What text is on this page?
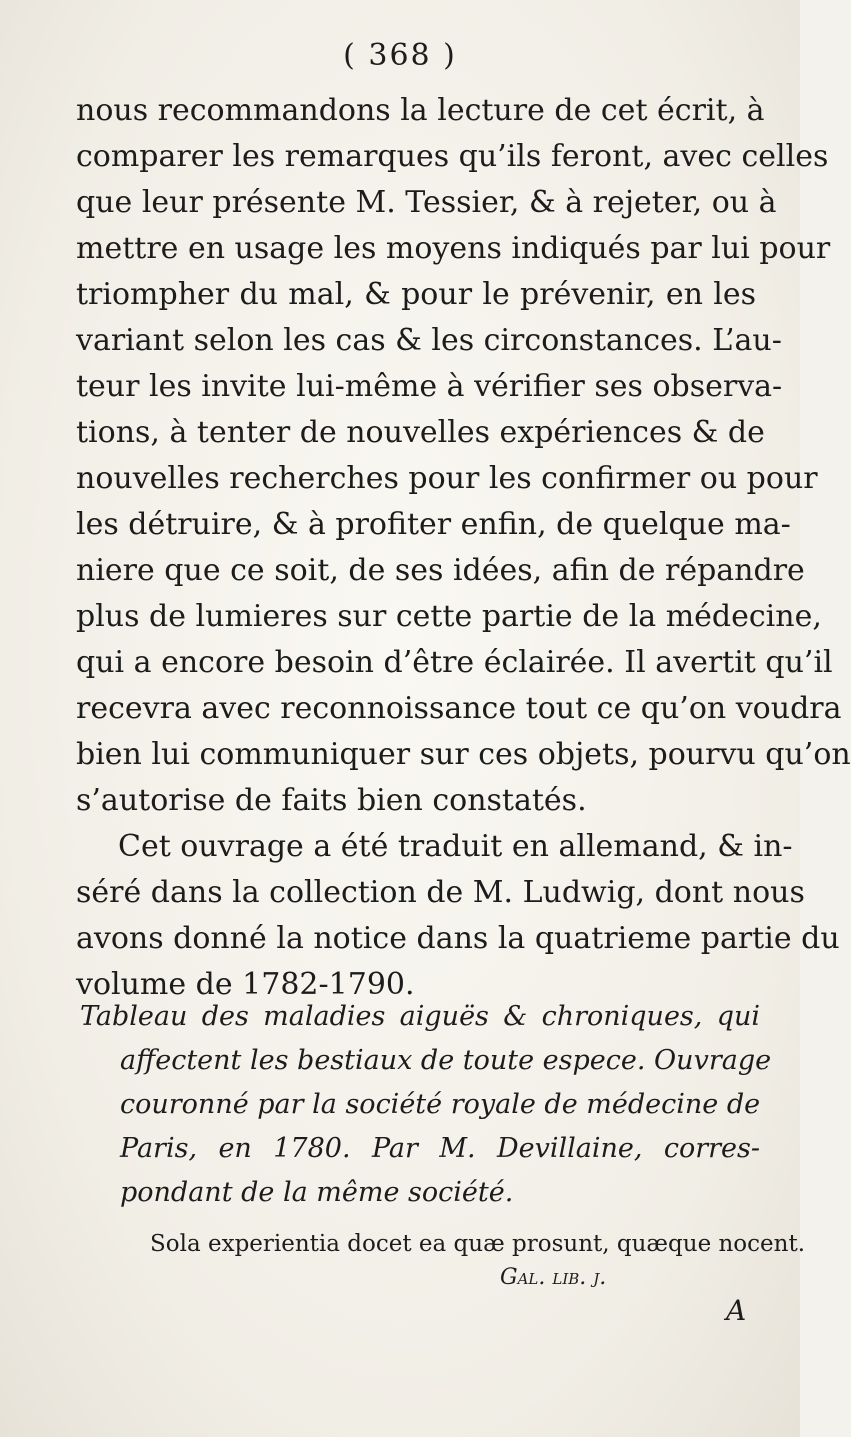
( 368 )
nous recommandons la lecture de cet écrit, à
comparer les remarques qu’ils feront, avec celles
que leur présente M. Tessier, & à rejeter, ou à
mettre en usage les moyens indiqués par lui pour
triompher du mal, & pour le prévenir, en les
variant selon les cas & les circonstances. L’au-
teur les invite lui-même à vérifier ses observa-
tions, à tenter de nouvelles expériences & de
nouvelles recherches pour les confirmer ou pour
les détruire, & à profiter enfin, de quelque ma-
niere que ce soit, de ses idées, afin de répandre
plus de lumieres sur cette partie de la médecine,
qui a encore besoin d’être éclairée. Il avertit qu’il
recevra avec reconnoissance tout ce qu’on voudra
bien lui communiquer sur ces objets, pourvu qu’on
s’autorise de faits bien constatés.
Cet ouvrage a été traduit en allemand, & in-
séré dans la collection de M. Ludwig, dont nous
avons donné la notice dans la quatrieme partie du
volume de 1782-1790.
Tableau des maladies aiguës & chroniques, qui
affectent les bestiaux de toute espece. Ouvrage
couronné par la société royale de médecine de
Paris, en 1780. Par M. Devillaine, corres-
pondant de la même société.
Sola experientia docet ea quæ prosunt, quæque nocent.
Gal. lib. j.
A
